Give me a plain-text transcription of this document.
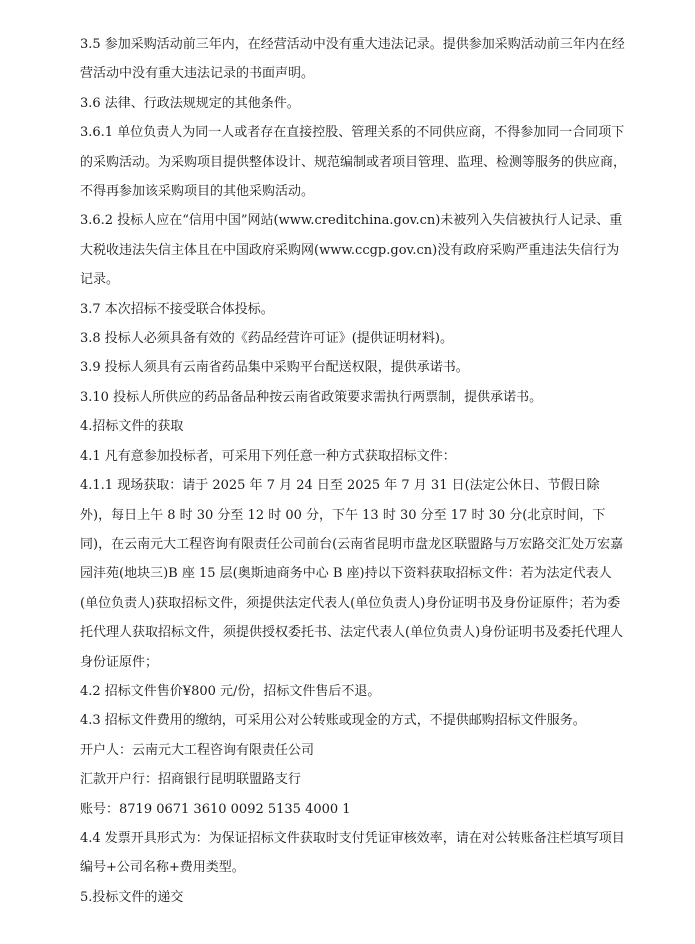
3.5 参加采购活动前三年内，在经营活动中没有重大违法记录。提供参加采购活动前三年内在经营活动中没有重大违法记录的书面声明。

3.6 法律、行政法规规定的其他条件。

3.6.1 单位负责人为同一人或者存在直接控股、管理关系的不同供应商，不得参加同一合同项下的采购活动。为采购项目提供整体设计、规范编制或者项目管理、监理、检测等服务的供应商，不得再参加该采购项目的其他采购活动。

3.6.2 投标人应在“信用中国”网站(www.creditchina.gov.cn)未被列入失信被执行人记录、重大税收违法失信主体且在中国政府采购网(www.ccgp.gov.cn)没有政府采购严重违法失信行为记录。

3.7 本次招标不接受联合体投标。

3.8 投标人必须具备有效的《药品经营许可证》(提供证明材料)。

3.9 投标人须具有云南省药品集中采购平台配送权限，提供承诺书。

3.10 投标人所供应的药品备品种按云南省政策要求需执行两票制，提供承诺书。

4.招标文件的获取

4.1 凡有意参加投标者，可采用下列任意一种方式获取招标文件：

4.1.1 现场获取：请于 2025 年 7 月 24 日至 2025 年 7 月 31 日(法定公休日、节假日除外)，每日上午 8 时 30 分至 12 时 00 分，下午 13 时 30 分至 17 时 30 分(北京时间，下同)，在云南元大工程咨询有限责任公司前台(云南省昆明市盘龙区联盟路与万宏路交汇处万宏嘉园沣苑(地块三)B 座 15 层(奥斯迪商务中心 B 座)持以下资料获取招标文件：若为法定代表人(单位负责人)获取招标文件，须提供法定代表人(单位负责人)身份证明书及身份证原件；若为委托代理人获取招标文件，须提供授权委托书、法定代表人(单位负责人)身份证明书及委托代理人身份证原件；

4.2 招标文件售价¥800 元/份，招标文件售后不退。

4.3 招标文件费用的缴纳，可采用公对公转账或现金的方式，不提供邮购招标文件服务。

开户人：云南元大工程咨询有限责任公司

汇款开户行：招商银行昆明联盟路支行

账号：8719 0671 3610 0092 5135 4000 1

4.4 发票开具形式为：为保证招标文件获取时支付凭证审核效率，请在对公转账备注栏填写项目编号+公司名称+费用类型。

5.投标文件的递交
